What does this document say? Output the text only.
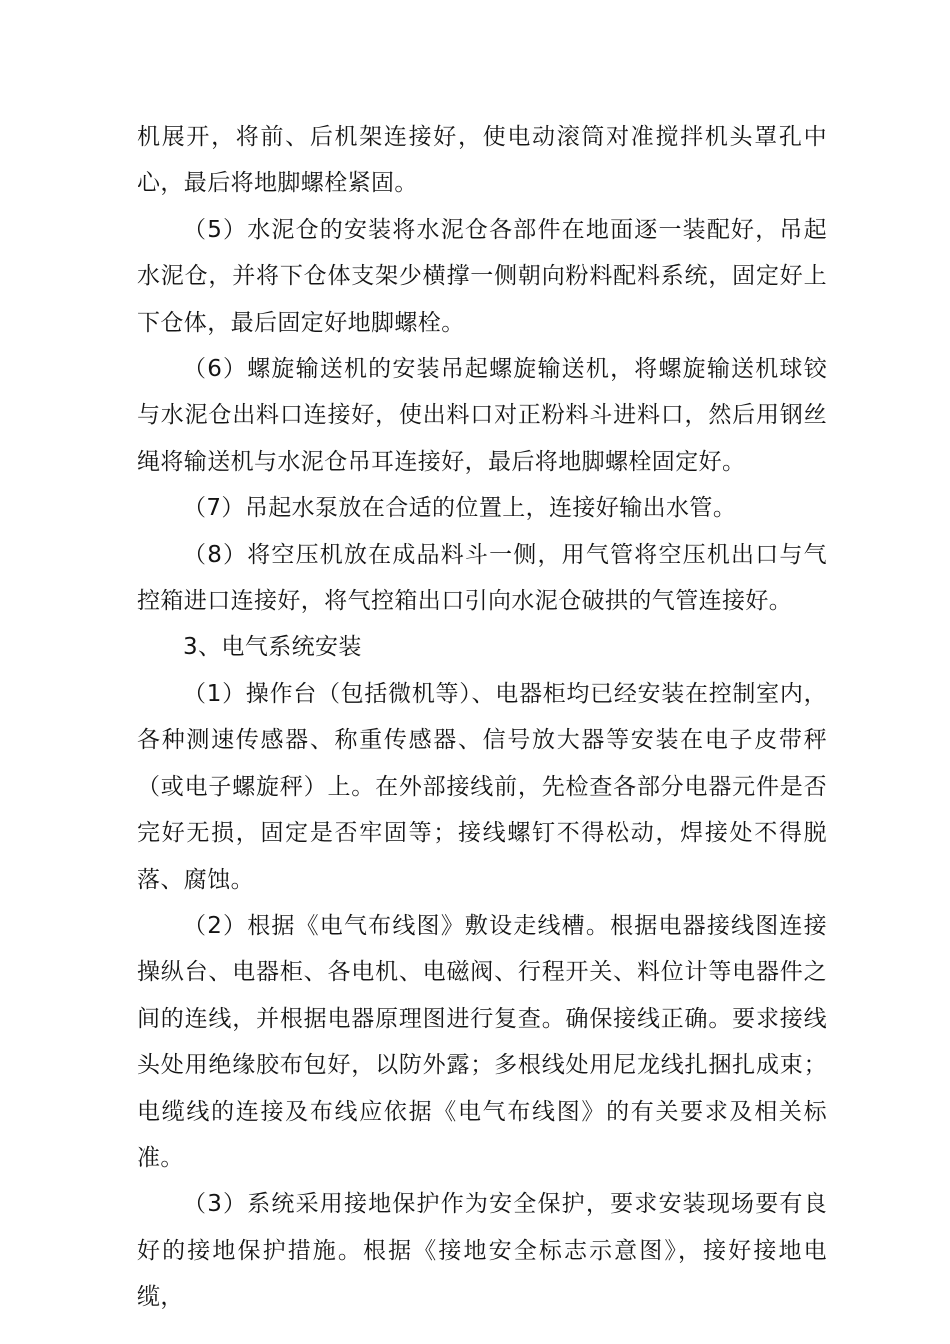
机展开，将前、后机架连接好，使电动滚筒对准搅拌机头罩孔中心，最后将地脚螺栓紧固。

（5）水泥仓的安装将水泥仓各部件在地面逐一装配好，吊起水泥仓，并将下仓体支架少横撑一侧朝向粉料配料系统，固定好上下仓体，最后固定好地脚螺栓。

（6）螺旋输送机的安装吊起螺旋输送机，将螺旋输送机球铰与水泥仓出料口连接好，使出料口对正粉料斗进料口，然后用钢丝绳将输送机与水泥仓吊耳连接好，最后将地脚螺栓固定好。

（7）吊起水泵放在合适的位置上，连接好输出水管。

（8）将空压机放在成品料斗一侧，用气管将空压机出口与气控箱进口连接好，将气控箱出口引向水泥仓破拱的气管连接好。

3、电气系统安装

（1）操作台（包括微机等）、电器柜均已经安装在控制室内，各种测速传感器、称重传感器、信号放大器等安装在电子皮带秤（或电子螺旋秤）上。在外部接线前，先检查各部分电器元件是否完好无损，固定是否牢固等；接线螺钉不得松动，焊接处不得脱落、腐蚀。

（2）根据《电气布线图》敷设走线槽。根据电器接线图连接操纵台、电器柜、各电机、电磁阀、行程开关、料位计等电器件之间的连线，并根据电器原理图进行复查。确保接线正确。要求接线头处用绝缘胶布包好，以防外露；多根线处用尼龙线扎捆扎成束；电缆线的连接及布线应依据《电气布线图》的有关要求及相关标准。

（3）系统采用接地保护作为安全保护，要求安装现场要有良好的接地保护措施。根据《接地安全标志示意图》，接好接地电缆，
